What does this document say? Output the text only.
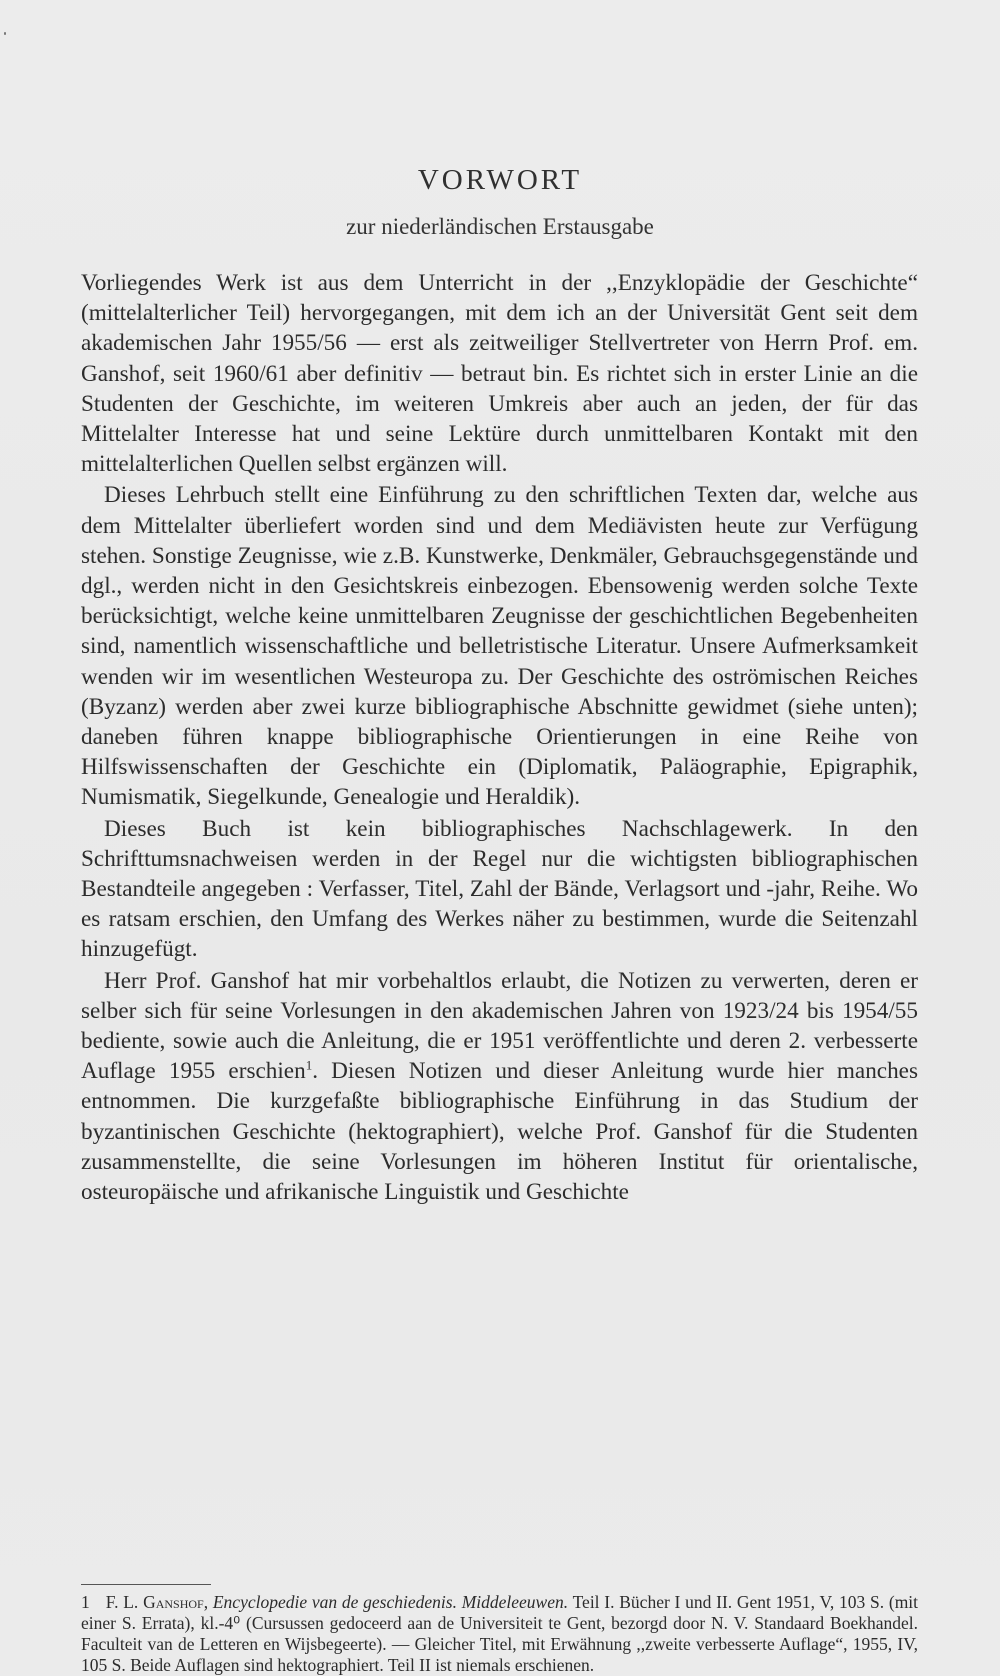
VORWORT
zur niederländischen Erstausgabe

Vorliegendes Werk ist aus dem Unterricht in der ,,Enzyklopädie der Geschichte“ (mittelalterlicher Teil) hervorgegangen, mit dem ich an der Universität Gent seit dem akademischen Jahr 1955/56 — erst als zeitweiliger Stellvertreter von Herrn Prof. em. Ganshof, seit 1960/61 aber definitiv — betraut bin. Es richtet sich in erster Linie an die Studenten der Geschichte, im weiteren Umkreis aber auch an jeden, der für das Mittelalter Interesse hat und seine Lektüre durch unmittelbaren Kontakt mit den mittelalterlichen Quellen selbst ergänzen will.

Dieses Lehrbuch stellt eine Einführung zu den schriftlichen Texten dar, welche aus dem Mittelalter überliefert worden sind und dem Mediävisten heute zur Verfügung stehen. Sonstige Zeugnisse, wie z.B. Kunstwerke, Denkmäler, Gebrauchsgegenstände und dgl., werden nicht in den Gesichtskreis einbezogen. Ebensowenig werden solche Texte berücksichtigt, welche keine unmittelbaren Zeugnisse der geschichtlichen Begebenheiten sind, namentlich wissenschaftliche und belletristische Literatur. Unsere Aufmerksamkeit wenden wir im wesentlichen Westeuropa zu. Der Geschichte des oströmischen Reiches (Byzanz) werden aber zwei kurze bibliographische Abschnitte gewidmet (siehe unten); daneben führen knappe bibliographische Orientierungen in eine Reihe von Hilfswissenschaften der Geschichte ein (Diplomatik, Paläographie, Epigraphik, Numismatik, Siegelkunde, Genealogie und Heraldik).

Dieses Buch ist kein bibliographisches Nachschlagewerk. In den Schrifttumsnachweisen werden in der Regel nur die wichtigsten bibliographischen Bestandteile angegeben : Verfasser, Titel, Zahl der Bände, Verlagsort und -jahr, Reihe. Wo es ratsam erschien, den Umfang des Werkes näher zu bestimmen, wurde die Seitenzahl hinzugefügt.

Herr Prof. Ganshof hat mir vorbehaltlos erlaubt, die Notizen zu verwerten, deren er selber sich für seine Vorlesungen in den akademischen Jahren von 1923/24 bis 1954/55 bediente, sowie auch die Anleitung, die er 1951 veröffentlichte und deren 2. verbesserte Auflage 1955 erschien$^1$. Diesen Notizen und dieser Anleitung wurde hier manches entnommen. Die kurzgefaßte bibliographische Einführung in das Studium der byzantinischen Geschichte (hektographiert), welche Prof. Ganshof für die Studenten zusammenstellte, die seine Vorlesungen im höheren Institut für orientalische, osteuropäische und afrikanische Linguistik und Geschichte

1 F. L. Ganshof, Encyclopedie van de geschiedenis. Middeleeuwen. Teil I. Bücher I und II. Gent 1951, V, 103 S. (mit einer S. Errata), kl.-4⁰ (Cursussen gedoceerd aan de Universiteit te Gent, bezorgd door N. V. Standaard Boekhandel. Faculteit van de Letteren en Wijsbegeerte). — Gleicher Titel, mit Erwähnung ,,zweite verbesserte Auflage“, 1955, IV, 105 S. Beide Auflagen sind hektographiert. Teil II ist niemals erschienen.
